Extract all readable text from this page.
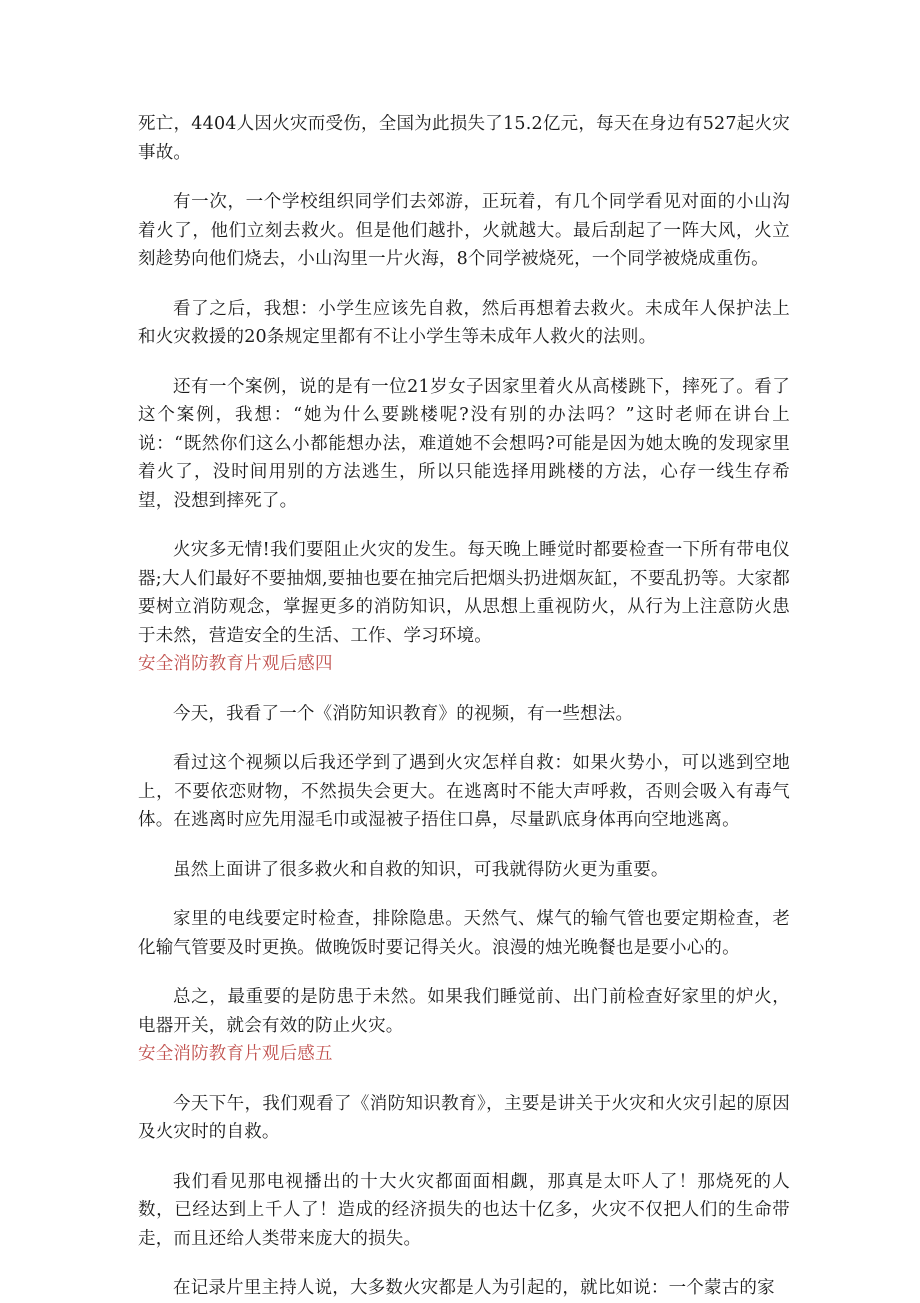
死亡，4404人因火灾而受伤，全国为此损失了15.2亿元，每天在身边有527起火灾事故。

有一次，一个学校组织同学们去郊游，正玩着，有几个同学看见对面的小山沟着火了，他们立刻去救火。但是他们越扑，火就越大。最后刮起了一阵大风，火立刻趁势向他们烧去，小山沟里一片火海，8个同学被烧死，一个同学被烧成重伤。

看了之后，我想：小学生应该先自救，然后再想着去救火。未成年人保护法上和火灾救援的20条规定里都有不让小学生等未成年人救火的法则。

还有一个案例，说的是有一位21岁女子因家里着火从高楼跳下，摔死了。看了这个案例，我想：“她为什么要跳楼呢?没有别的办法吗？”这时老师在讲台上说：“既然你们这么小都能想办法，难道她不会想吗?可能是因为她太晚的发现家里着火了，没时间用别的方法逃生，所以只能选择用跳楼的方法，心存一线生存希望，没想到摔死了。

火灾多无情!我们要阻止火灾的发生。每天晚上睡觉时都要检查一下所有带电仪器;大人们最好不要抽烟,要抽也要在抽完后把烟头扔进烟灰缸，不要乱扔等。大家都要树立消防观念，掌握更多的消防知识，从思想上重视防火，从行为上注意防火患于未然，营造安全的生活、工作、学习环境。

安全消防教育片观后感四

今天，我看了一个《消防知识教育》的视频，有一些想法。

看过这个视频以后我还学到了遇到火灾怎样自救：如果火势小，可以逃到空地上，不要依恋财物，不然损失会更大。在逃离时不能大声呼救，否则会吸入有毒气体。在逃离时应先用湿毛巾或湿被子捂住口鼻，尽量趴底身体再向空地逃离。

虽然上面讲了很多救火和自救的知识，可我就得防火更为重要。

家里的电线要定时检查，排除隐患。天然气、煤气的输气管也要定期检查，老化输气管要及时更换。做晚饭时要记得关火。浪漫的烛光晚餐也是要小心的。

总之，最重要的是防患于未然。如果我们睡觉前、出门前检查好家里的炉火，电器开关，就会有效的防止火灾。

安全消防教育片观后感五

今天下午，我们观看了《消防知识教育》，主要是讲关于火灾和火灾引起的原因及火灾时的自救。

我们看见那电视播出的十大火灾都面面相觑，那真是太吓人了！那烧死的人数，已经达到上千人了！造成的经济损失的也达十亿多，火灾不仅把人们的生命带走，而且还给人类带来庞大的损失。

在记录片里主持人说，大多数火灾都是人为引起的，就比如说：一个蒙古的家
